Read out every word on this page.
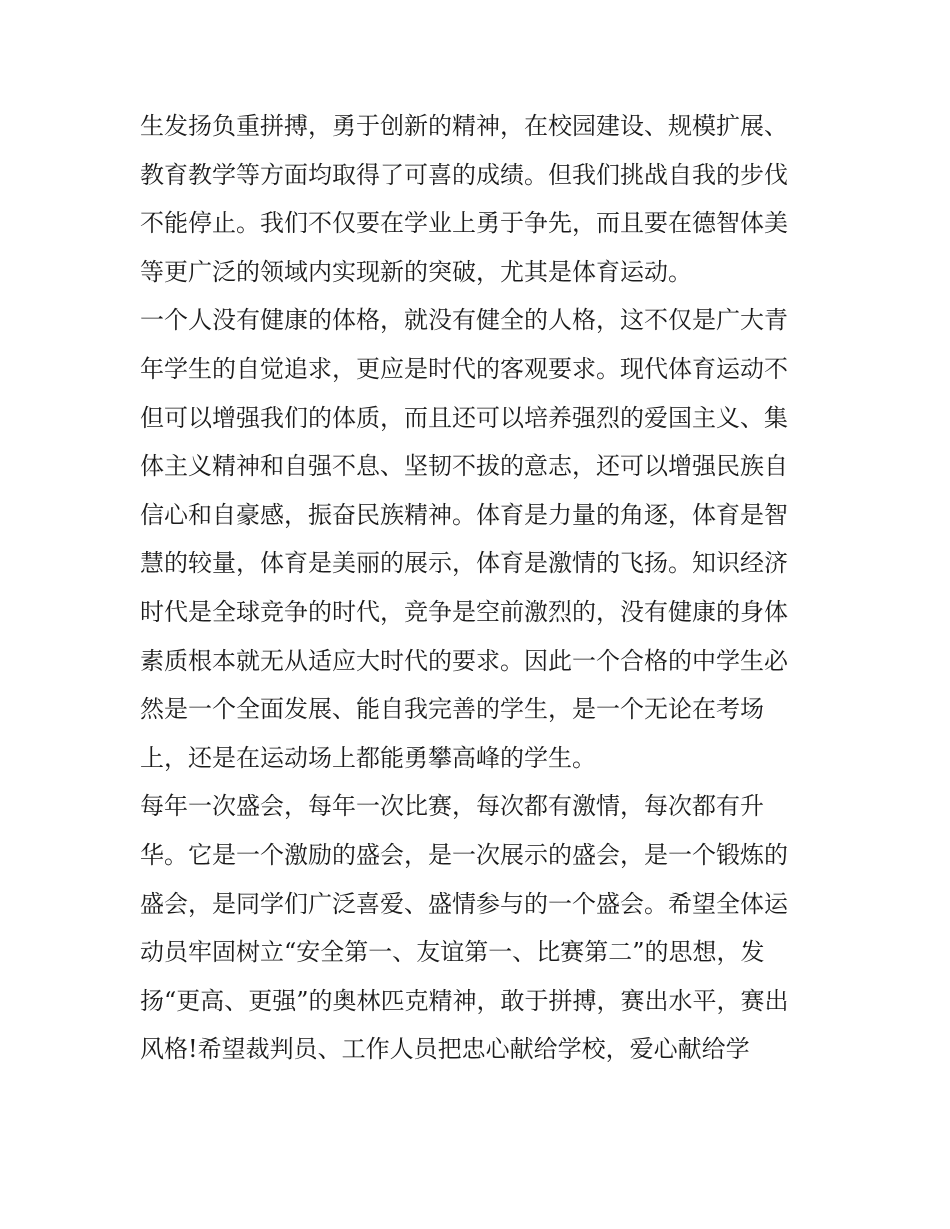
生发扬负重拼搏，勇于创新的精神，在校园建设、规模扩展、
教育教学等方面均取得了可喜的成绩。但我们挑战自我的步伐
不能停止。我们不仅要在学业上勇于争先，而且要在德智体美
等更广泛的领域内实现新的突破，尤其是体育运动。

一个人没有健康的体格，就没有健全的人格，这不仅是广大青
年学生的自觉追求，更应是时代的客观要求。现代体育运动不
但可以增强我们的体质，而且还可以培养强烈的爱国主义、集
体主义精神和自强不息、坚韧不拔的意志，还可以增强民族自
信心和自豪感，振奋民族精神。体育是力量的角逐，体育是智
慧的较量，体育是美丽的展示，体育是激情的飞扬。知识经济
时代是全球竞争的时代，竞争是空前激烈的，没有健康的身体
素质根本就无从适应大时代的要求。因此一个合格的中学生必
然是一个全面发展、能自我完善的学生，是一个无论在考场
上，还是在运动场上都能勇攀高峰的学生。

每年一次盛会，每年一次比赛，每次都有激情，每次都有升
华。它是一个激励的盛会，是一次展示的盛会，是一个锻炼的
盛会，是同学们广泛喜爱、盛情参与的一个盛会。希望全体运
动员牢固树立“安全第一、友谊第一、比赛第二”的思想，发
扬“更高、更强”的奥林匹克精神，敢于拼搏，赛出水平，赛出
风格!希望裁判员、工作人员把忠心献给学校，爱心献给学
